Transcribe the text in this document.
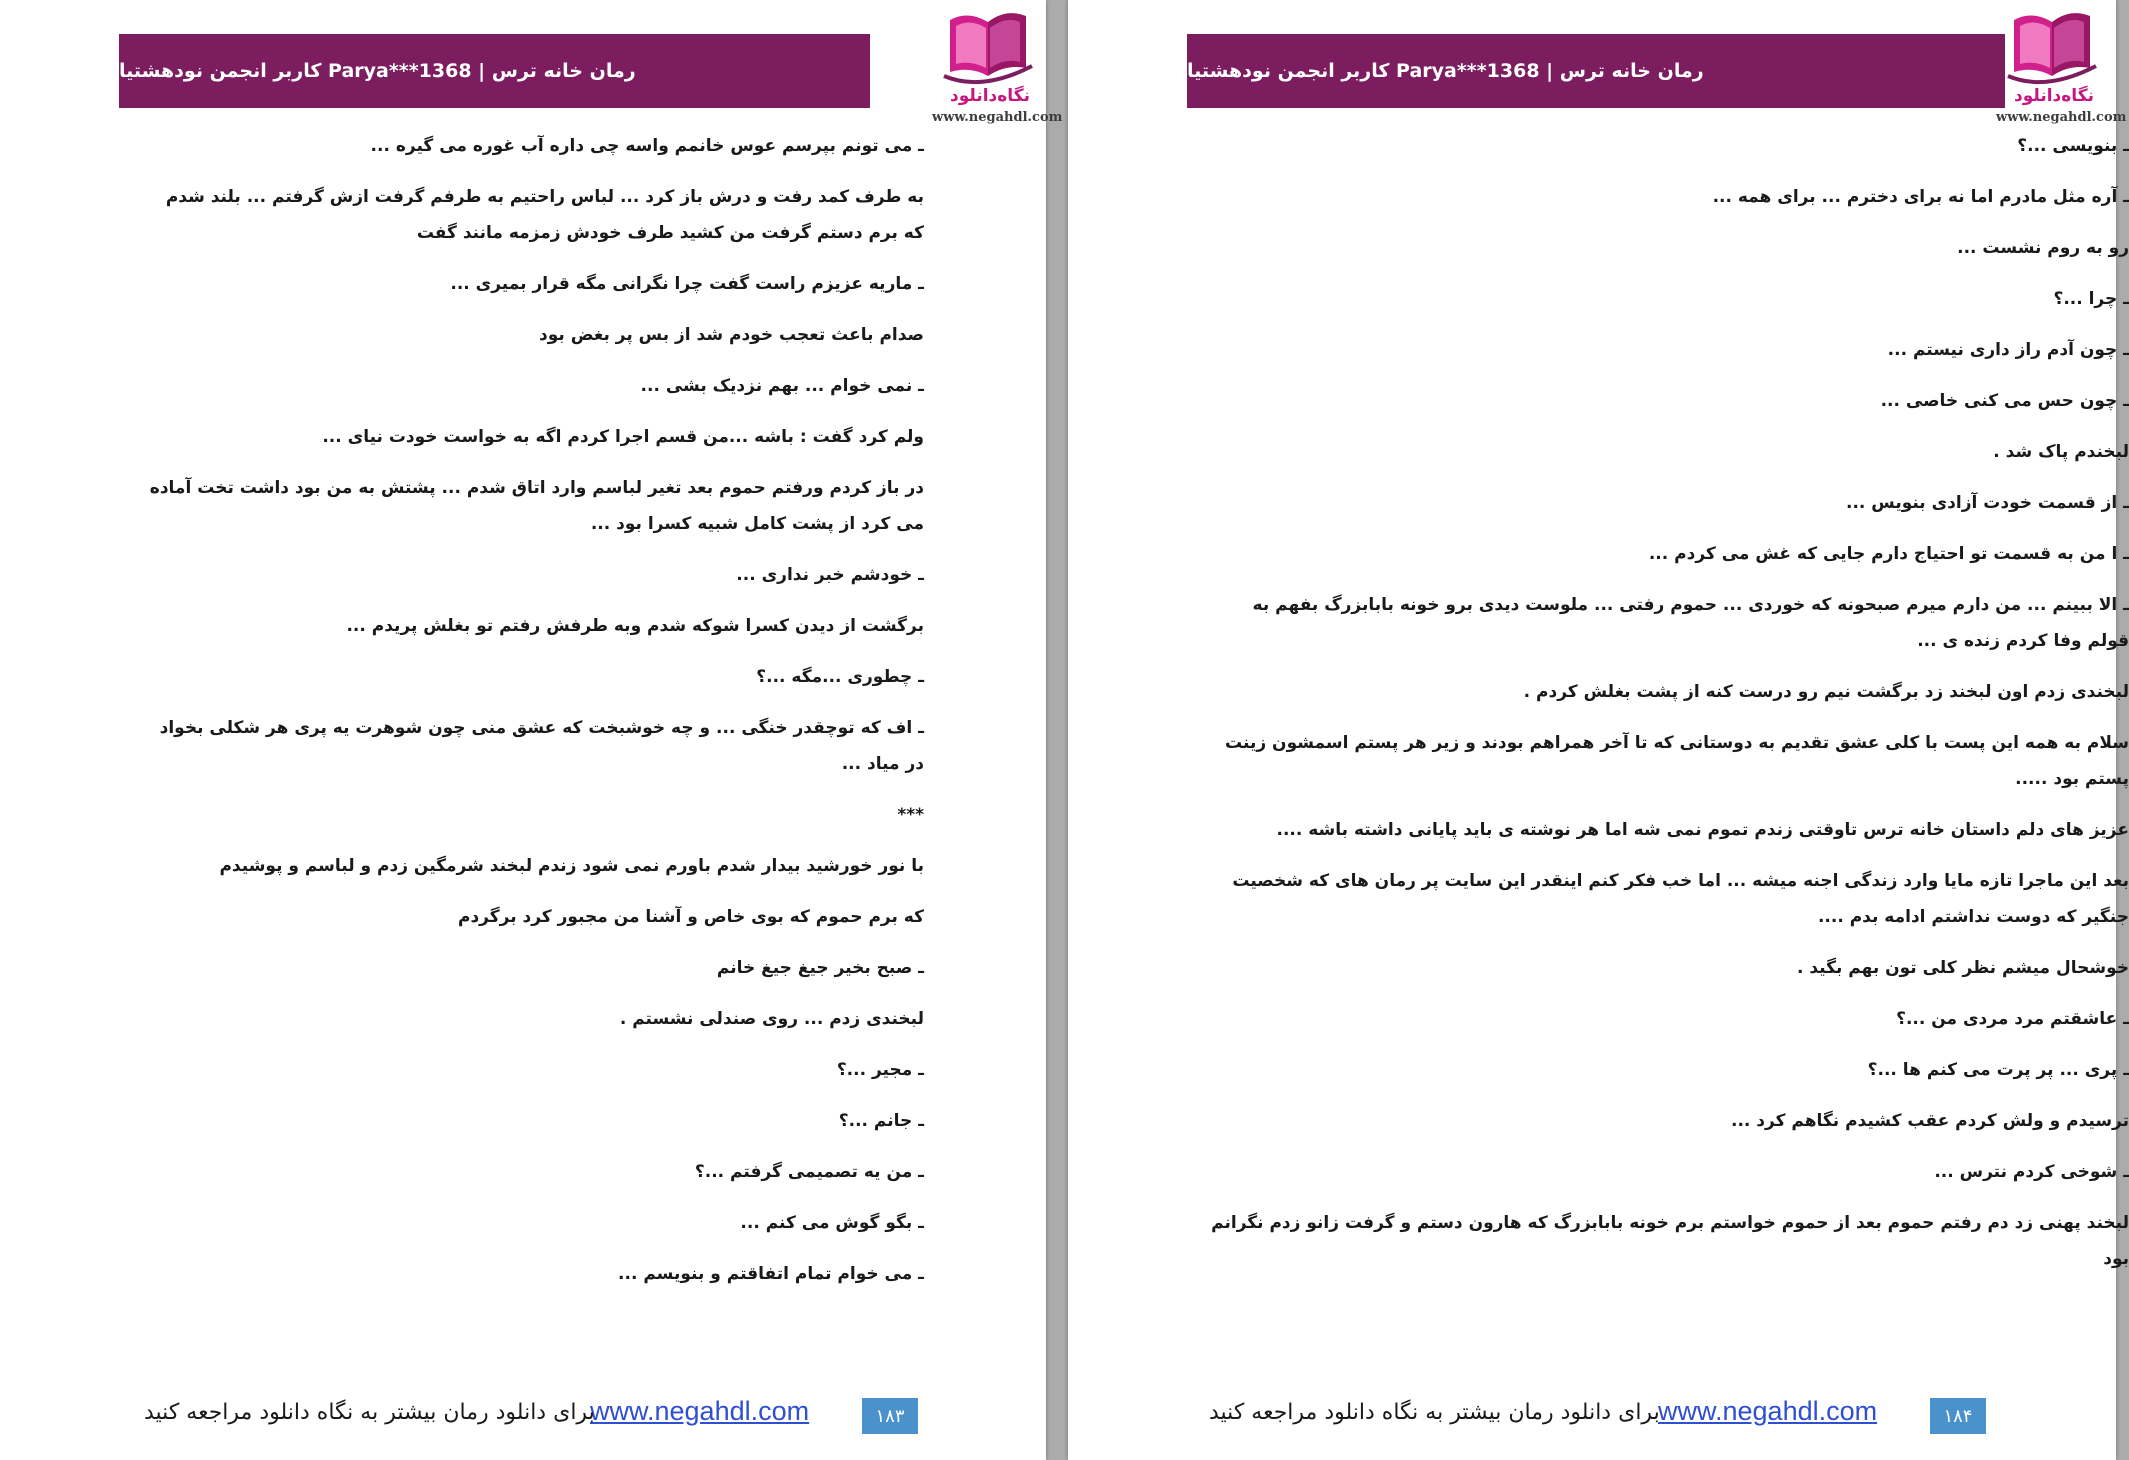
رمان خانه ترس | Parya***1368 کاربر انجمن نودهشتیا
نگاه‌دانلود
www.negahdl.com

ـ می تونم بپرسم عوس خانمم واسه چی داره آب غوره می گیره ...

به طرف کمد رفت و درش باز کرد ... لباس راحتیم به طرفم گرفت ازش گرفتم ... بلند شدم که برم دستم گرفت من کشید طرف خودش زمزمه مانند گفت

ـ ماریه عزیزم راست گفت چرا نگرانی مگه قرار بمیری ...

صدام باعث تعجب خودم شد از بس پر بغض بود

ـ نمی خوام ... بهم نزدیک بشی ...

ولم کرد گفت : باشه ...من قسم اجرا کردم اگه به خواست خودت نیای ...

در باز کردم ورفتم حموم بعد تغیر لباسم وارد اتاق شدم ... پشتش به من بود داشت تخت آماده می کرد از پشت کامل شبیه کسرا بود ...

ـ خودشم خبر نداری ...

برگشت از دیدن کسرا شوکه شدم وبه طرفش رفتم تو بغلش پریدم ...

ـ چطوری ...مگه ...؟

ـ اف که توچقدر خنگی ... و چه خوشبخت که عشق منی چون شوهرت یه پری هر شکلی بخواد در میاد ...

***

با نور خورشید بیدار شدم باورم نمی شود زندم لبخند شرمگین زدم و لباسم و پوشیدم

که برم حموم که بوی خاص و آشنا من مجبور کرد برگردم

ـ صبح بخیر جیغ جیغ خانم

لبخندی زدم ... روی صندلی نشستم .

ـ مجیر ...؟

ـ جانم ...؟

ـ من یه تصمیمی گرفتم ...؟

ـ بگو گوش می کنم ...

ـ می خوام تمام اتفاقتم و بنویسم ...

۱۸۳
www.negahdl.com
برای دانلود رمان بیشتر به نگاه دانلود مراجعه کنید
رمان خانه ترس | Parya***1368 کاربر انجمن نودهشتیا
نگاه‌دانلود
www.negahdl.com

ـ بنویسی ...؟

ـ آره مثل مادرم اما نه برای دخترم ... برای همه ...

رو به روم نشست ...

ـ چرا ...؟

ـ چون آدم راز داری نیستم ...

ـ چون حس می کنی خاصی ...

لبخندم پاک شد .

ـ از قسمت خودت آزادی بنویس ...

ـ ا من به قسمت تو احتیاج دارم جایی که غش می کردم ...

ـ الا ببینم ... من دارم میرم صبحونه که خوردی ... حموم رفتی ... ملوست دیدی برو خونه بابابزرگ بفهم به قولم وفا کردم زنده ی ...

لبخندی زدم اون لبخند زد برگشت نیم رو درست کنه از پشت بغلش کردم .

سلام به همه این پست با کلی عشق تقدیم به دوستانی که تا آخر همراهم بودند و زیر هر پستم اسمشون زینت پستم بود .....

عزیز های دلم داستان خانه ترس تاوقتی زندم تموم نمی شه اما هر نوشته ی باید پایانی داشته باشه ....

بعد این ماجرا تازه مایا وارد زندگی اجنه میشه ... اما خب فکر کنم اینقدر این سایت پر رمان های که شخصیت جنگیر که دوست نداشتم ادامه بدم ....

خوشحال میشم نظر کلی تون بهم بگید .

ـ عاشقتم مرد مردی من ...؟

ـ پری ... پر پرت می کنم ها ...؟

ترسیدم و ولش کردم عقب کشیدم نگاهم کرد ...

ـ شوخی کردم نترس ...

لبخند پهنی زد دم رفتم حموم بعد از حموم خواستم برم خونه بابابزرگ که هارون دستم و گرفت زانو زدم نگرانم بود

۱۸۴
www.negahdl.com
برای دانلود رمان بیشتر به نگاه دانلود مراجعه کنید
